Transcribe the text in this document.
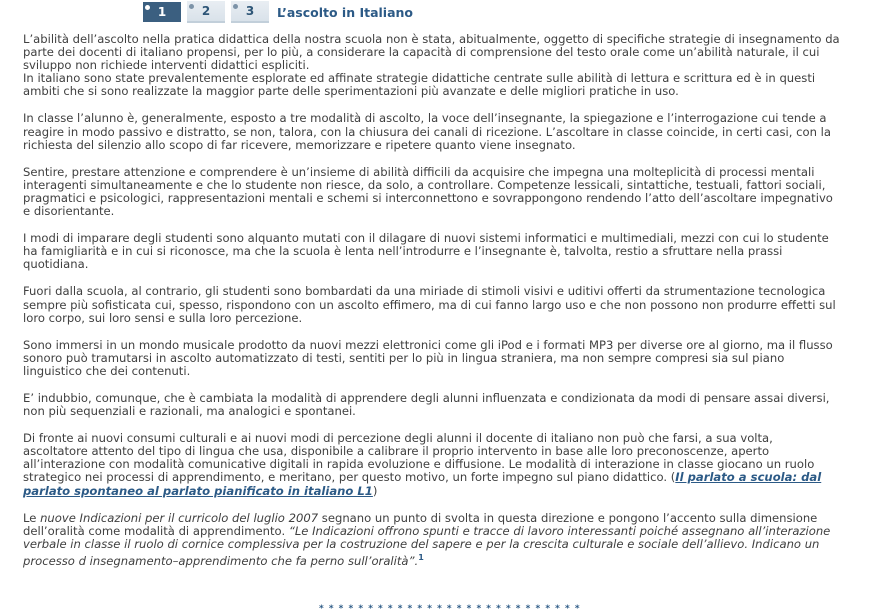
1	2	3 L’ascolto in Italiano

L’abilità dell’ascolto nella pratica didattica della nostra scuola non è stata, abitualmente, oggetto di specifiche strategie di insegnamento da parte dei docenti di italiano propensi, per lo più, a considerare la capacità di comprensione del testo orale come un’abilità naturale, il cui sviluppo non richiede interventi didattici espliciti.

In italiano sono state prevalentemente esplorate ed affinate strategie didattiche centrate sulle abilità di lettura e scrittura ed è in questi ambiti che si sono realizzate la maggior parte delle sperimentazioni più avanzate e delle migliori pratiche in uso.

In classe l’alunno è, generalmente, esposto a tre modalità di ascolto, la voce dell’insegnante, la spiegazione e l’interrogazione cui tende a reagire in modo passivo e distratto, se non, talora, con la chiusura dei canali di ricezione. L’ascoltare in classe coincide, in certi casi, con la richiesta del silenzio allo scopo di far ricevere, memorizzare e ripetere quanto viene insegnato.

Sentire, prestare attenzione e comprendere è un’insieme di abilità difficili da acquisire che impegna una molteplicità di processi mentali interagenti simultaneamente e che lo studente non riesce, da solo, a controllare. Competenze lessicali, sintattiche, testuali, fattori sociali, pragmatici e psicologici, rappresentazioni mentali e schemi si interconnettono e sovrappongono rendendo l’atto dell’ascoltare impegnativo e disorientante.

I modi di imparare degli studenti sono alquanto mutati con il dilagare di nuovi sistemi informatici e multimediali, mezzi con cui lo studente ha famigliarità e in cui si riconosce, ma che la scuola è lenta nell’introdurre e l’insegnante è, talvolta, restio a sfruttare nella prassi quotidiana.

Fuori dalla scuola, al contrario, gli studenti sono bombardati da una miriade di stimoli visivi e uditivi offerti da strumentazione tecnologica sempre più sofisticata cui, spesso, rispondono con un ascolto effimero, ma di cui fanno largo uso e che non possono non produrre effetti sul loro corpo, sui loro sensi e sulla loro percezione.

Sono immersi in un mondo musicale prodotto da nuovi mezzi elettronici come gli iPod e i formati MP3 per diverse ore al giorno, ma il flusso sonoro può tramutarsi in ascolto automatizzato di testi, sentiti per lo più in lingua straniera, ma non sempre compresi sia sul piano linguistico che dei contenuti.

E’ indubbio, comunque, che è cambiata la modalità di apprendere degli alunni influenzata e condizionata da modi di pensare assai diversi, non più sequenziali e razionali, ma analogici e spontanei.

Di fronte ai nuovi consumi culturali e ai nuovi modi di percezione degli alunni il docente di italiano non può che farsi, a sua volta, ascoltatore attento del tipo di lingua che usa, disponibile a calibrare il proprio intervento in base alle loro preconoscenze, aperto all’interazione con modalità comunicative digitali in rapida evoluzione e diffusione. Le modalità di interazione in classe giocano un ruolo strategico nei processi di apprendimento, e meritano, per questo motivo, un forte impegno sul piano didattico. (Il parlato a scuola: dal parlato spontaneo al parlato pianificato in italiano L1)

Le nuove Indicazioni per il curricolo del luglio 2007 segnano un punto di svolta in questa direzione e pongono l’accento sulla dimensione dell’oralità come modalità di apprendimento. “Le Indicazioni offrono spunti e tracce di lavoro interessanti poiché assegnano all’interazione verbale in classe il ruolo di cornice complessiva per la costruzione del sapere e per la crescita culturale e sociale dell’allievo. Indicano un processo d insegnamento–apprendimento che fa perno sull’oralità”.$^1$

* * * * * * * * * * * * * * * * * * * * * * * * * * *
